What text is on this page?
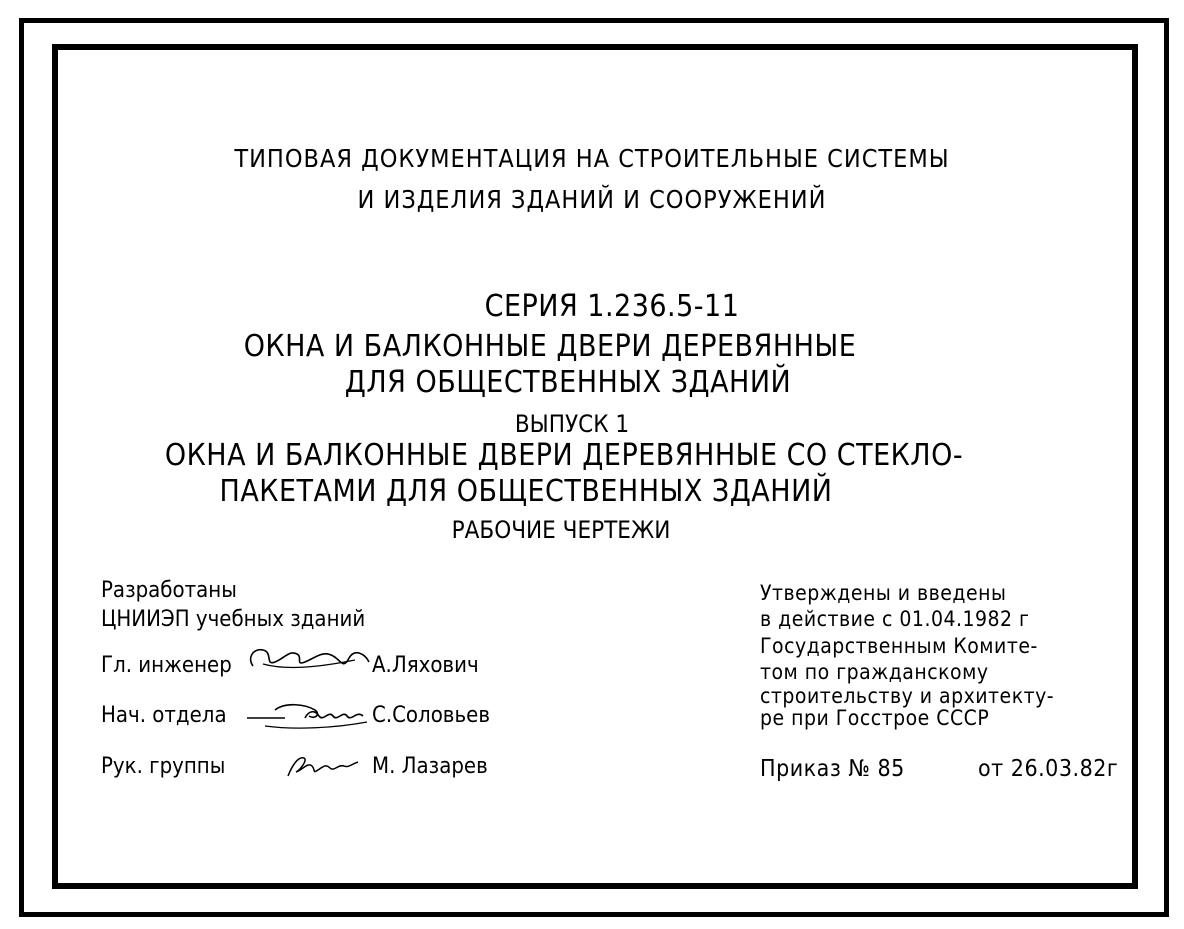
ТИПОВАЯ ДОКУМЕНТАЦИЯ НА СТРОИТЕЛЬНЫЕ СИСТЕМЫ
И ИЗДЕЛИЯ ЗДАНИЙ И СООРУЖЕНИЙ
СЕРИЯ 1.236.5-11
ОКНА И БАЛКОННЫЕ ДВЕРИ ДЕРЕВЯННЫЕ
ДЛЯ ОБЩЕСТВЕННЫХ ЗДАНИЙ
ВЫПУСК 1
ОКНА И БАЛКОННЫЕ ДВЕРИ ДЕРЕВЯННЫЕ СО СТЕКЛО-
ПАКЕТАМИ ДЛЯ ОБЩЕСТВЕННЫХ ЗДАНИЙ
РАБОЧИЕ ЧЕРТЕЖИ
Разработаны
ЦНИИЭП учебных зданий
Гл. инженер	А.Ляхович
Нач. отдела	С.Соловьев
Рук. группы	М. Лазарев
Утверждены и введены
в действие с 01.04.1982 г
Государственным Комите-
том по гражданскому
строительству и архитекту-
ре при Госстрое СССР
Приказ № 85	от 26.03.82г
